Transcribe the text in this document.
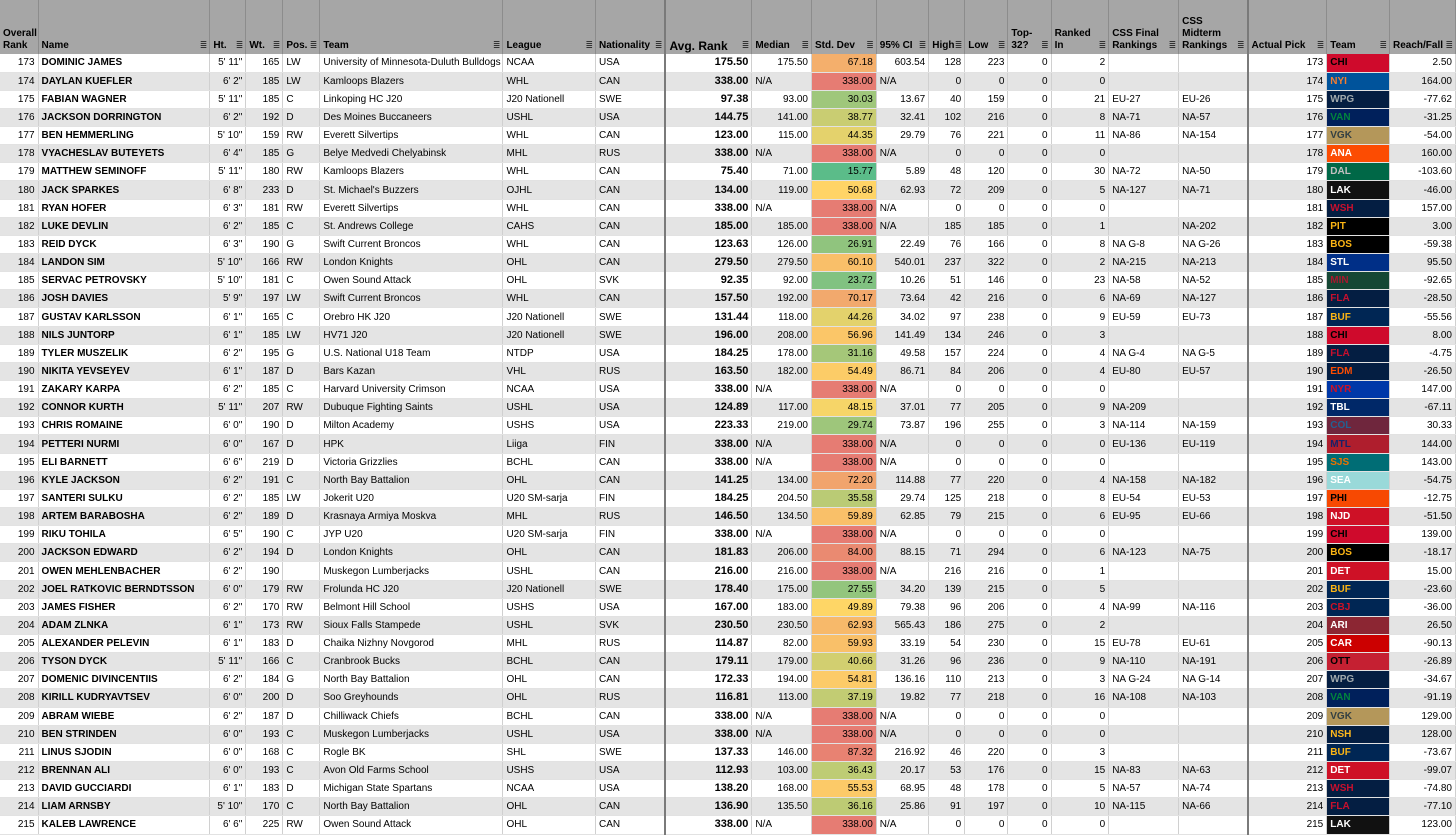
Overall Rank	Name ≣	Ht. ≣	Wt. ≣	Pos. ≣	Team ≣	League ≣	Nationality ≣	Avg. Rank ≣	Median ≣	Std. Dev ≣	95% CI ≣	High ≣	Low ≣	Top-32? ≣	Ranked In ≣	CSS Final Rankings ≣	CSS Midterm Rankings ≣	Actual Pick ≣	Team ≣	Reach/Fall ≣

173	DOMINIC JAMES	5' 11"	165	LW	University of Minnesota-Duluth Bulldogs	NCAA	USA	175.50	175.50	67.18	603.54	128	223	0	2			173	CHI	2.50
174	DAYLAN KUEFLER	6' 2"	185	LW	Kamloops Blazers	WHL	CAN	338.00	N/A	338.00	N/A	0	0	0	0			174	NYI	164.00
175	FABIAN WAGNER	5' 11"	185	C	Linkoping HC J20	J20 Nationell	SWE	97.38	93.00	30.03	13.67	40	159	0	21	EU-27	EU-26	175	WPG	-77.62
176	JACKSON DORRINGTON	6' 2"	192	D	Des Moines Buccaneers	USHL	USA	144.75	141.00	38.77	32.41	102	216	0	8	NA-71	NA-57	176	VAN	-31.25
177	BEN HEMMERLING	5' 10"	159	RW	Everett Silvertips	WHL	CAN	123.00	115.00	44.35	29.79	76	221	0	11	NA-86	NA-154	177	VGK	-54.00
178	VYACHESLAV BUTEYETS	6' 4"	185	G	Belye Medvedi Chelyabinsk	MHL	RUS	338.00	N/A	338.00	N/A	0	0	0	0			178	ANA	160.00
179	MATTHEW SEMINOFF	5' 11"	180	RW	Kamloops Blazers	WHL	CAN	75.40	71.00	15.77	5.89	48	120	0	30	NA-72	NA-50	179	DAL	-103.60
180	JACK SPARKES	6' 8"	233	D	St. Michael's Buzzers	OJHL	CAN	134.00	119.00	50.68	62.93	72	209	0	5	NA-127	NA-71	180	LAK	-46.00
181	RYAN HOFER	6' 3"	181	RW	Everett Silvertips	WHL	CAN	338.00	N/A	338.00	N/A	0	0	0	0			181	WSH	157.00
182	LUKE DEVLIN	6' 2"	185	C	St. Andrews College	CAHS	CAN	185.00	185.00	338.00	N/A	185	185	0	1		NA-202	182	PIT	3.00
183	REID DYCK	6' 3"	190	G	Swift Current Broncos	WHL	CAN	123.63	126.00	26.91	22.49	76	166	0	8	NA G-8	NA G-26	183	BOS	-59.38
184	LANDON SIM	5' 10"	166	RW	London Knights	OHL	CAN	279.50	279.50	60.10	540.01	237	322	0	2	NA-215	NA-213	184	STL	95.50
185	SERVAC PETROVSKY	5' 10"	181	C	Owen Sound Attack	OHL	SVK	92.35	92.00	23.72	10.26	51	146	0	23	NA-58	NA-52	185	MIN	-92.65
186	JOSH DAVIES	5' 9"	197	LW	Swift Current Broncos	WHL	CAN	157.50	192.00	70.17	73.64	42	216	0	6	NA-69	NA-127	186	FLA	-28.50
187	GUSTAV KARLSSON	6' 1"	165	C	Orebro HK J20	J20 Nationell	SWE	131.44	118.00	44.26	34.02	97	238	0	9	EU-59	EU-73	187	BUF	-55.56
188	NILS JUNTORP	6' 1"	185	LW	HV71 J20	J20 Nationell	SWE	196.00	208.00	56.96	141.49	134	246	0	3			188	CHI	8.00
189	TYLER MUSZELIK	6' 2"	195	G	U.S. National U18 Team	NTDP	USA	184.25	178.00	31.16	49.58	157	224	0	4	NA G-4	NA G-5	189	FLA	-4.75
190	NIKITA YEVSEYEV	6' 1"	187	D	Bars Kazan	VHL	RUS	163.50	182.00	54.49	86.71	84	206	0	4	EU-80	EU-57	190	EDM	-26.50
191	ZAKARY KARPA	6' 2"	185	C	Harvard University Crimson	NCAA	USA	338.00	N/A	338.00	N/A	0	0	0	0			191	NYR	147.00
192	CONNOR KURTH	5' 11"	207	RW	Dubuque Fighting Saints	USHL	USA	124.89	117.00	48.15	37.01	77	205	0	9	NA-209		192	TBL	-67.11
193	CHRIS ROMAINE	6' 0"	190	D	Milton Academy	USHS	USA	223.33	219.00	29.74	73.87	196	255	0	3	NA-114	NA-159	193	COL	30.33
194	PETTERI NURMI	6' 0"	167	D	HPK	Liiga	FIN	338.00	N/A	338.00	N/A	0	0	0	0	EU-136	EU-119	194	MTL	144.00
195	ELI BARNETT	6' 6"	219	D	Victoria Grizzlies	BCHL	CAN	338.00	N/A	338.00	N/A	0	0	0	0			195	SJS	143.00
196	KYLE JACKSON	6' 2"	191	C	North Bay Battalion	OHL	CAN	141.25	134.00	72.20	114.88	77	220	0	4	NA-158	NA-182	196	SEA	-54.75
197	SANTERI SULKU	6' 2"	185	LW	Jokerit U20	U20 SM-sarja	FIN	184.25	204.50	35.58	29.74	125	218	0	8	EU-54	EU-53	197	PHI	-12.75
198	ARTEM BARABOSHA	6' 2"	189	D	Krasnaya Armiya Moskva	MHL	RUS	146.50	134.50	59.89	62.85	79	215	0	6	EU-95	EU-66	198	NJD	-51.50
199	RIKU TOHILA	6' 5"	190	C	JYP U20	U20 SM-sarja	FIN	338.00	N/A	338.00	N/A	0	0	0	0			199	CHI	139.00
200	JACKSON EDWARD	6' 2"	194	D	London Knights	OHL	CAN	181.83	206.00	84.00	88.15	71	294	0	6	NA-123	NA-75	200	BOS	-18.17
201	OWEN MEHLENBACHER	6' 2"	190		Muskegon Lumberjacks	USHL	CAN	216.00	216.00	338.00	N/A	216	216	0	1			201	DET	15.00
202	JOEL RATKOVIC BERNDTSSON	6' 0"	179	RW	Frolunda HC J20	J20 Nationell	SWE	178.40	175.00	27.55	34.20	139	215	0	5			202	BUF	-23.60
203	JAMES FISHER	6' 2"	170	RW	Belmont Hill School	USHS	USA	167.00	183.00	49.89	79.38	96	206	0	4	NA-99	NA-116	203	CBJ	-36.00
204	ADAM ZLNKA	6' 1"	173	RW	Sioux Falls Stampede	USHL	SVK	230.50	230.50	62.93	565.43	186	275	0	2			204	ARI	26.50
205	ALEXANDER PELEVIN	6' 1"	183	D	Chaika Nizhny Novgorod	MHL	RUS	114.87	82.00	59.93	33.19	54	230	0	15	EU-78	EU-61	205	CAR	-90.13
206	TYSON DYCK	5' 11"	166	C	Cranbrook Bucks	BCHL	CAN	179.11	179.00	40.66	31.26	96	236	0	9	NA-110	NA-191	206	OTT	-26.89
207	DOMENIC DIVINCENTIIS	6' 2"	184	G	North Bay Battalion	OHL	CAN	172.33	194.00	54.81	136.16	110	213	0	3	NA G-24	NA G-14	207	WPG	-34.67
208	KIRILL KUDRYAVTSEV	6' 0"	200	D	Soo Greyhounds	OHL	RUS	116.81	113.00	37.19	19.82	77	218	0	16	NA-108	NA-103	208	VAN	-91.19
209	ABRAM WIEBE	6' 2"	187	D	Chilliwack Chiefs	BCHL	CAN	338.00	N/A	338.00	N/A	0	0	0	0			209	VGK	129.00
210	BEN STRINDEN	6' 0"	193	C	Muskegon Lumberjacks	USHL	USA	338.00	N/A	338.00	N/A	0	0	0	0			210	NSH	128.00
211	LINUS SJODIN	6' 0"	168	C	Rogle BK	SHL	SWE	137.33	146.00	87.32	216.92	46	220	0	3			211	BUF	-73.67
212	BRENNAN ALI	6' 0"	193	C	Avon Old Farms School	USHS	USA	112.93	103.00	36.43	20.17	53	176	0	15	NA-83	NA-63	212	DET	-99.07
213	DAVID GUCCIARDI	6' 1"	183	D	Michigan State Spartans	NCAA	USA	138.20	168.00	55.53	68.95	48	178	0	5	NA-57	NA-74	213	WSH	-74.80
214	LIAM ARNSBY	5' 10"	170	C	North Bay Battalion	OHL	CAN	136.90	135.50	36.16	25.86	91	197	0	10	NA-115	NA-66	214	FLA	-77.10
215	KALEB LAWRENCE	6' 6"	225	RW	Owen Sound Attack	OHL	CAN	338.00	N/A	338.00	N/A	0	0	0	0			215	LAK	123.00
